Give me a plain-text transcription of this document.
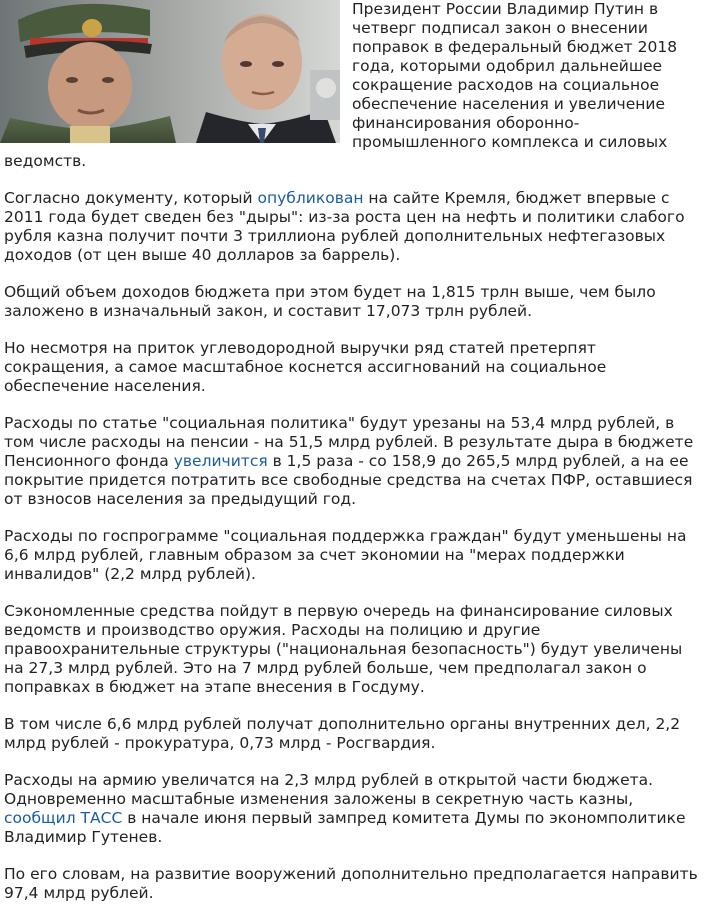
Президент России Владимир Путин в четверг подписал закон о внесении поправок в федеральный бюджет 2018 года, которыми одобрил дальнейшее сокращение расходов на социальное обеспечение населения и увеличение финансирования оборонно-промышленного комплекса и силовых ведомств.

Согласно документу, который опубликован на сайте Кремля, бюджет впервые с 2011 года будет сведен без "дыры": из-за роста цен на нефть и политики слабого рубля казна получит почти 3 триллиона рублей дополнительных нефтегазовых доходов (от цен выше 40 долларов за баррель).

Общий объем доходов бюджета при этом будет на 1,815 трлн выше, чем было заложено в изначальный закон, и составит 17,073 трлн рублей.

Но несмотря на приток углеводородной выручки ряд статей претерпят сокращения, а самое масштабное коснется ассигнований на социальное обеспечение населения.

Расходы по статье "социальная политика" будут урезаны на 53,4 млрд рублей, в том числе расходы на пенсии - на 51,5 млрд рублей. В результате дыра в бюджете Пенсионного фонда увеличится в 1,5 раза - со 158,9 до 265,5 млрд рублей, а на ее покрытие придется потратить все свободные средства на счетах ПФР, оставшиеся от взносов населения за предыдущий год.

Расходы по госпрограмме "социальная поддержка граждан" будут уменьшены на 6,6 млрд рублей, главным образом за счет экономии на "мерах поддержки инвалидов" (2,2 млрд рублей).

Сэкономленные средства пойдут в первую очередь на финансирование силовых ведомств и производство оружия. Расходы на полицию и другие правоохранительные структуры ("национальная безопасность") будут увеличены на 27,3 млрд рублей. Это на 7 млрд рублей больше, чем предполагал закон о поправках в бюджет на этапе внесения в Госдуму.

В том числе 6,6 млрд рублей получат дополнительно органы внутренних дел, 2,2 млрд рублей - прокуратура, 0,73 млрд - Росгвардия.

Расходы на армию увеличатся на 2,3 млрд рублей в открытой части бюджета. Одновременно масштабные изменения заложены в секретную часть казны, сообщил ТАСС в начале июня первый зампред комитета Думы по экономполитике Владимир Гутенев.

По его словам, на развитие вооружений дополнительно предполагается направить 97,4 млрд рублей.
